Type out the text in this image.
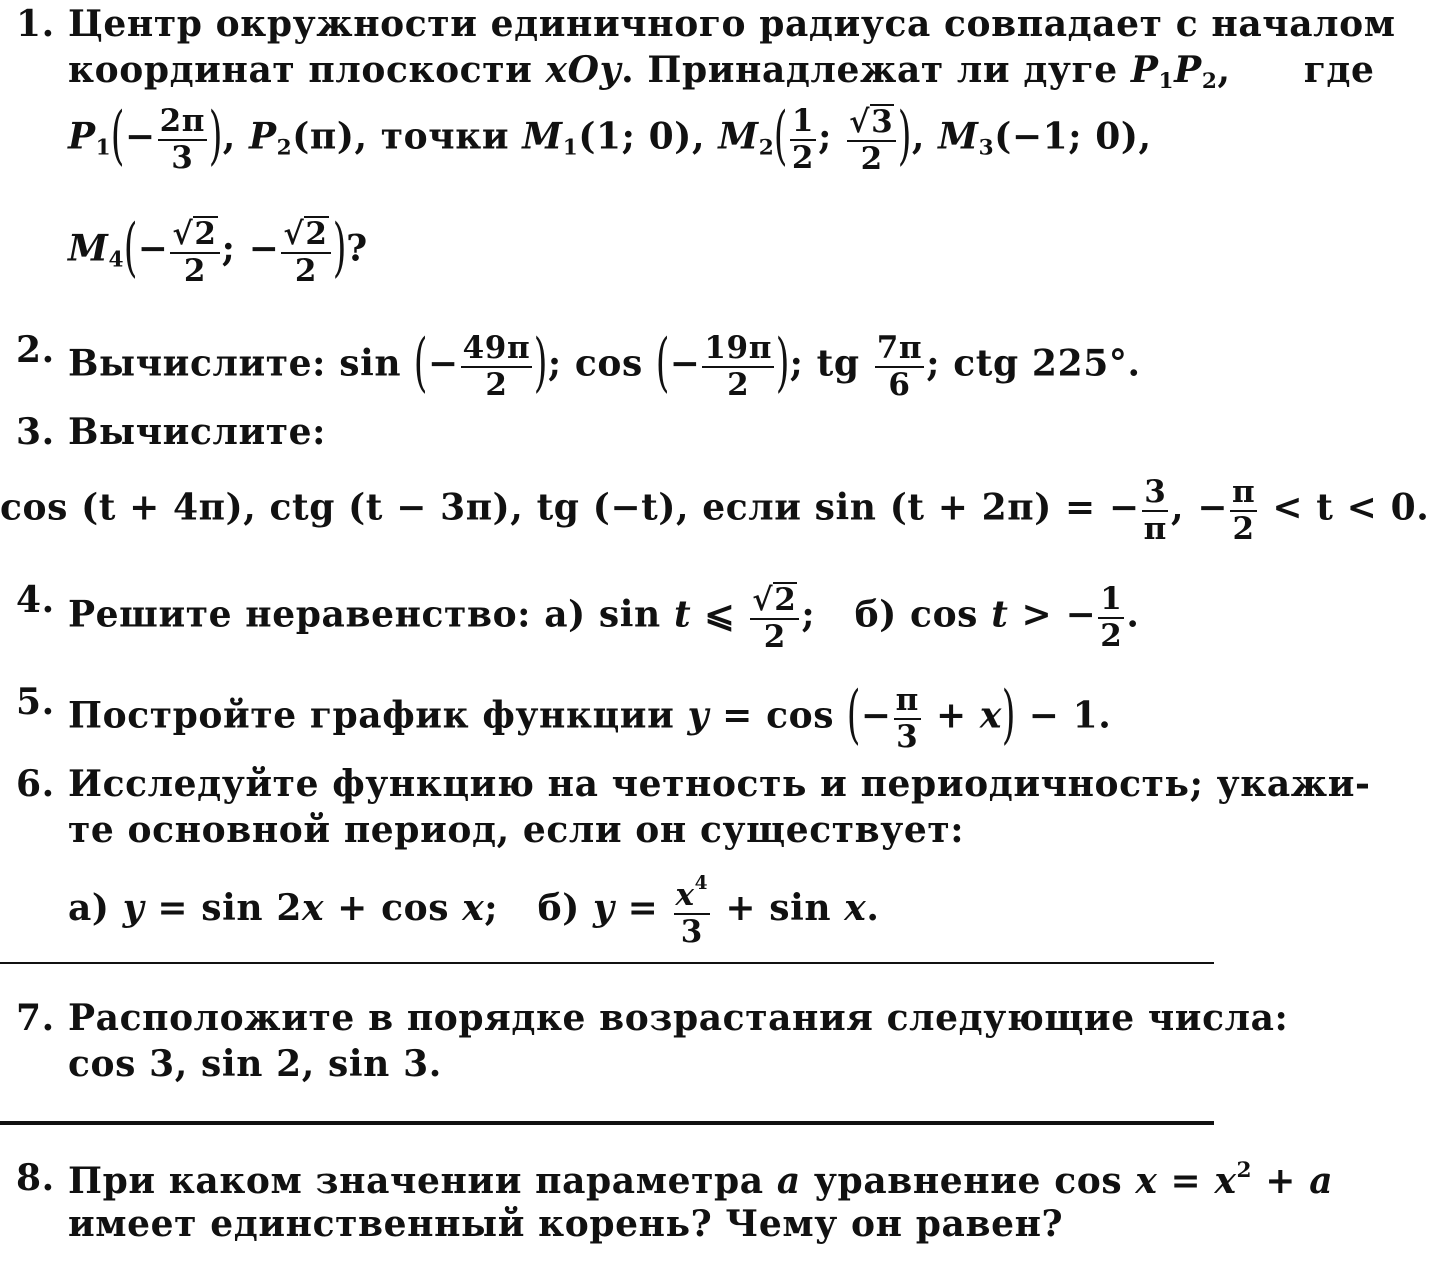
1. Центр окружности единичного радиуса совпадает с началом
координат плоскости xOy. Принадлежат ли дуге $P_1P_2$, где
$P_1(- \frac{2\pi}{3}$ ), $P_2(\pi)$, точки $M_1(1$; 0), $M_2( \frac{1}{2}$ ; $\frac{√3}{2}$ ), $M_3(-1$; 0),
$M_4(- \frac{√2}{2}$ ; − $\frac{√2}{2}$ )?
2. Вычислите: sin (− $\frac{49\pi}{2}$ ); cos (− $\frac{19\pi}{2}$ ); tg $\frac{7\pi}{6}$ ; ctg 225°.
3. Вычислите:
cos (t + 4π), ctg (t − 3π), tg (−t), если sin (t + 2π) = − $\frac{3}{\pi}$ , − $\frac{\pi}{2} < t < 0$.
4. Решите неравенство: а) sin t ⩽ $\frac{√2}{2}$ ;   б) cos t > − $\frac{1}{2}$ .
5. Постройте график функции y = cos (− $\frac{\pi}{3} + x) - 1$.
6. Исследуйте функцию на четность и периодичность; укажи-
те основной период, если он существует:
а) y = sin 2x + cos x;   б) $y = \frac{x^4}{3} + \sin x$.
7. Расположите в порядке возрастания следующие числа:
cos 3, sin 2, sin 3.
8. При каком значении параметра a уравнение $\cos x = x^2 + a$
имеет единственный корень? Чему он равен?
